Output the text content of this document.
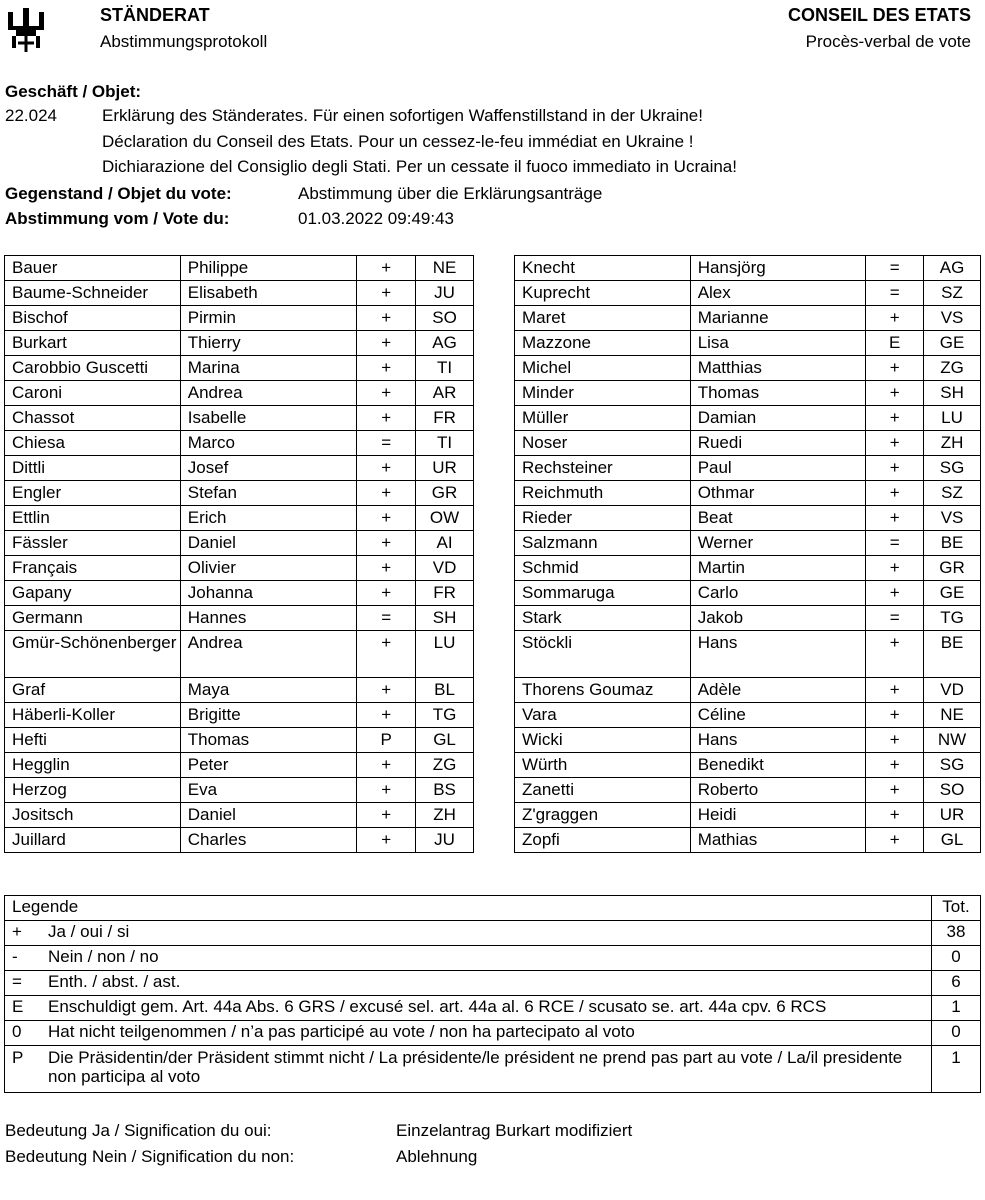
STÄNDERAT
Abstimmungsprotokoll
CONSEIL DES ETATS
Procès-verbal de vote
Geschäft / Objet:
22.024	Erklärung des Ständerates. Für einen sofortigen Waffenstillstand in der Ukraine!
Déclaration du Conseil des Etats. Pour un cessez-le-feu immédiat en Ukraine !
Dichiarazione del Consiglio degli Stati. Per un cessate il fuoco immediato in Ucraina!
Gegenstand / Objet du vote:	Abstimmung über die Erklärungsanträge
Abstimmung vom / Vote du:	01.03.2022 09:49:43
Bauer	Philippe	+	NE
Baume-Schneider	Elisabeth	+	JU
Bischof	Pirmin	+	SO
Burkart	Thierry	+	AG
Carobbio Guscetti	Marina	+	TI
Caroni	Andrea	+	AR
Chassot	Isabelle	+	FR
Chiesa	Marco	=	TI
Dittli	Josef	+	UR
Engler	Stefan	+	GR
Ettlin	Erich	+	OW
Fässler	Daniel	+	AI
Français	Olivier	+	VD
Gapany	Johanna	+	FR
Germann	Hannes	=	SH
Gmür-Schönenberger	Andrea	+	LU
Graf	Maya	+	BL
Häberli-Koller	Brigitte	+	TG
Hefti	Thomas	P	GL
Hegglin	Peter	+	ZG
Herzog	Eva	+	BS
Jositsch	Daniel	+	ZH
Juillard	Charles	+	JU
Knecht	Hansjörg	=	AG
Kuprecht	Alex	=	SZ
Maret	Marianne	+	VS
Mazzone	Lisa	E	GE
Michel	Matthias	+	ZG
Minder	Thomas	+	SH
Müller	Damian	+	LU
Noser	Ruedi	+	ZH
Rechsteiner	Paul	+	SG
Reichmuth	Othmar	+	SZ
Rieder	Beat	+	VS
Salzmann	Werner	=	BE
Schmid	Martin	+	GR
Sommaruga	Carlo	+	GE
Stark	Jakob	=	TG
Stöckli	Hans	+	BE
Thorens Goumaz	Adèle	+	VD
Vara	Céline	+	NE
Wicki	Hans	+	NW
Würth	Benedikt	+	SG
Zanetti	Roberto	+	SO
Z'graggen	Heidi	+	UR
Zopfi	Mathias	+	GL
Legende		Tot.
+	Ja / oui / si	38
-	Nein / non / no	0
=	Enth. / abst. / ast.	6
E	Enschuldigt gem. Art. 44a Abs. 6 GRS / excusé sel. art. 44a al. 6 RCE / scusato se. art. 44a cpv. 6 RCS	1
0	Hat nicht teilgenommen / n’a pas participé au vote / non ha partecipato al voto	0
P	Die Präsidentin/der Präsident stimmt nicht / La présidente/le président ne prend pas part au vote / La/il presidente non participa al voto	1
Bedeutung Ja / Signification du oui:	Einzelantrag Burkart modifiziert
Bedeutung Nein / Signification du non:	Ablehnung
